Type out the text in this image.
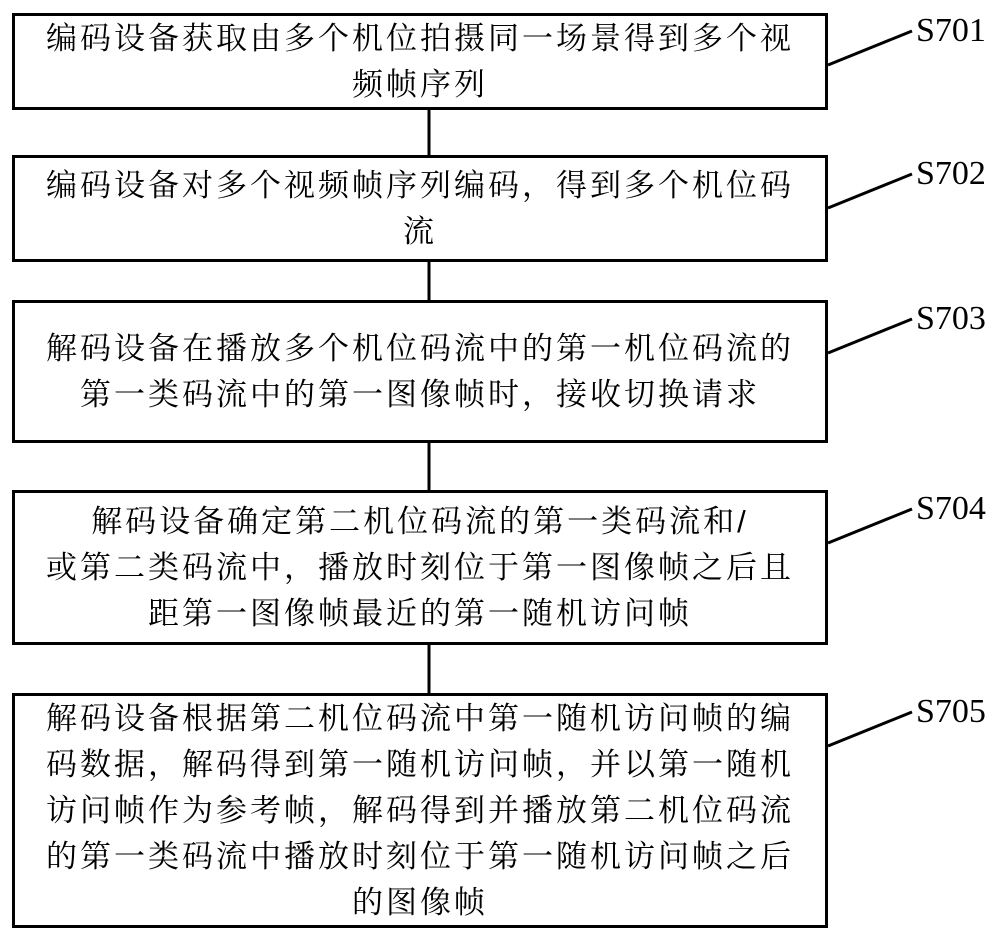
编码设备获取由多个机位拍摄同一场景得到多个视
频帧序列
S701
编码设备对多个视频帧序列编码，得到多个机位码
流
S702
解码设备在播放多个机位码流中的第一机位码流的
第一类码流中的第一图像帧时，接收切换请求
S703
解码设备确定第二机位码流的第一类码流和/
或第二类码流中，播放时刻位于第一图像帧之后且
距第一图像帧最近的第一随机访问帧
S704
解码设备根据第二机位码流中第一随机访问帧的编
码数据，解码得到第一随机访问帧，并以第一随机
访问帧作为参考帧，解码得到并播放第二机位码流
的第一类码流中播放时刻位于第一随机访问帧之后
的图像帧
S705
